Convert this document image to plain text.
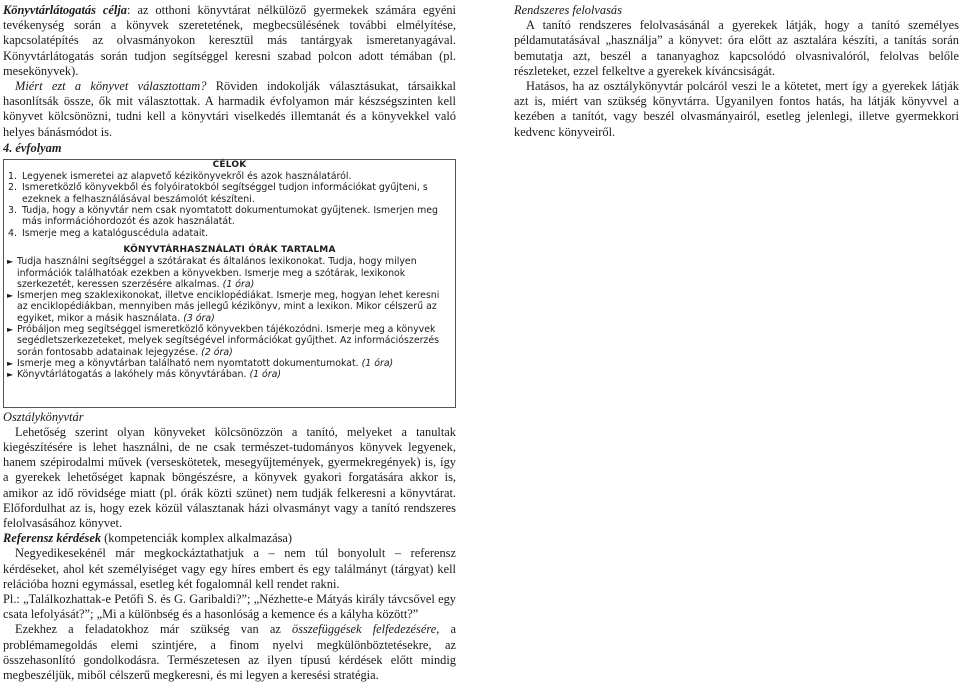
Könyvtárlátogatás célja: az otthoni könyvtárat nélkülöző gyermekek számára egyéni tevékenység során a könyvek szeretetének, megbecsülésének további elmélyítése, kapcsolatépítés az olvasmányokon keresztül más tantárgyak ismeretanyagával. Könyvtárlátogatás során tudjon segítséggel keresni szabad polcon adott témában (pl. mesekönyvek).

Miért ezt a könyvet választottam? Röviden indokolják választásukat, társaikkal hasonlítsák össze, ők mit választottak. A harmadik évfolyamon már készségszinten kell könyvet kölcsönözni, tudni kell a könyvtári viselkedés illemtanát és a könyvekkel való helyes bánásmódot is.

4. évfolyam
CÉLOK
1. Legyenek ismeretei az alapvető kézikönyvekről és azok használatáról.
2. Ismeretközlő könyvekből és folyóiratokból segítséggel tudjon információkat gyűjteni, s ezeknek a felhasználásával beszámolót készíteni.
3. Tudja, hogy a könyvtár nem csak nyomtatott dokumentumokat gyűjtenek. Ismerjen meg más információhordozót és azok használatát.
4. Ismerje meg a katalóguscédula adatait.
KÖNYVTÁRHASZNÁLATI ÓRÁK TARTALMA
► Tudja használni segítséggel a szótárakat és általános lexikonokat. Tudja, hogy milyen információk találhatóak ezekben a könyvekben. Ismerje meg a szótárak, lexikonok szerkezetét, keressen szerzésére alkalmas. (1 óra)
► Ismerjen meg szaklexikonokat, illetve enciklopédiákat. Ismerje meg, hogyan lehet keresni az enciklopédiákban, mennyiben más jellegű kézikönyv, mint a lexikon. Mikor célszerű az egyiket, mikor a másik használata. (3 óra)
► Próbáljon meg segítséggel ismeretközlő könyvekben tájékozódni. Ismerje meg a könyvek segédletszerkezeteket, melyek segítségével információkat gyűjthet. Az információszerzés során fontosabb adatainak lejegyzése. (2 óra)
► Ismerje meg a könyvtárban található nem nyomtatott dokumentumokat. (1 óra)
► Könyvtárlátogatás a lakóhely más könyvtárában. (1 óra)
Osztálykönyvtár

Lehetőség szerint olyan könyveket kölcsönözzön a tanító, melyeket a tanultak kiegészítésére is lehet használni, de ne csak természet-tudományos könyvek legyenek, hanem szépirodalmi művek (verseskötetek, mesegyűjtemények, gyermekregények) is, így a gyerekek lehetőséget kapnak böngészésre, a könyvek gyakori forgatására akkor is, amikor az idő rövidsége miatt (pl. órák közti szünet) nem tudják felkeresni a könyvtárat. Előfordulhat az is, hogy ezek közül választanak házi olvasmányt vagy a tanító rendszeres felolvasásához könyvet.

Referensz kérdések (kompetenciák komplex alkalmazása)

Negyedikesekénél már megkockáztathatjuk a – nem túl bonyolult – referensz kérdéseket, ahol két személyiséget vagy egy híres embert és egy találmányt (tárgyat) kell relációba hozni egymással, esetleg két fogalomnál kell rendet rakni.

Pl.: „Találkozhattak-e Petőfi S. és G. Garibaldi?”; „Nézhette-e Mátyás király távcsővel egy csata lefolyását?”; „Mi a különbség és a hasonlóság a kemence és a kályha között?”

Ezekhez a feladatokhoz már szükség van az összefüggések felfedezésére, a problémamegoldás elemi szintjére, a finom nyelvi megkülönböztetésekre, az összehasonlító gondolkodásra. Természetesen az ilyen típusú kérdések előtt mindig megbeszéljük, miből célszerű megkeresni, és mi legyen a keresési stratégia.

Rendszeres felolvasás

A tanító rendszeres felolvasásánál a gyerekek látják, hogy a tanító személyes példamutatásával „használja” a könyvet: óra előtt az asztalára készíti, a tanítás során bemutatja azt, beszél a tananyaghoz kapcsolódó olvasnivalóról, felolvas belőle részleteket, ezzel felkeltve a gyerekek kíváncsiságát.

Hatásos, ha az osztálykönyvtár polcáról veszi le a kötetet, mert így a gyerekek látják azt is, miért van szükség könyvtárra. Ugyanilyen fontos hatás, ha látják könyvvel a kezében a tanítót, vagy beszél olvasmányairól, esetleg jelenlegi, illetve gyermekkori kedvenc könyveiről.
